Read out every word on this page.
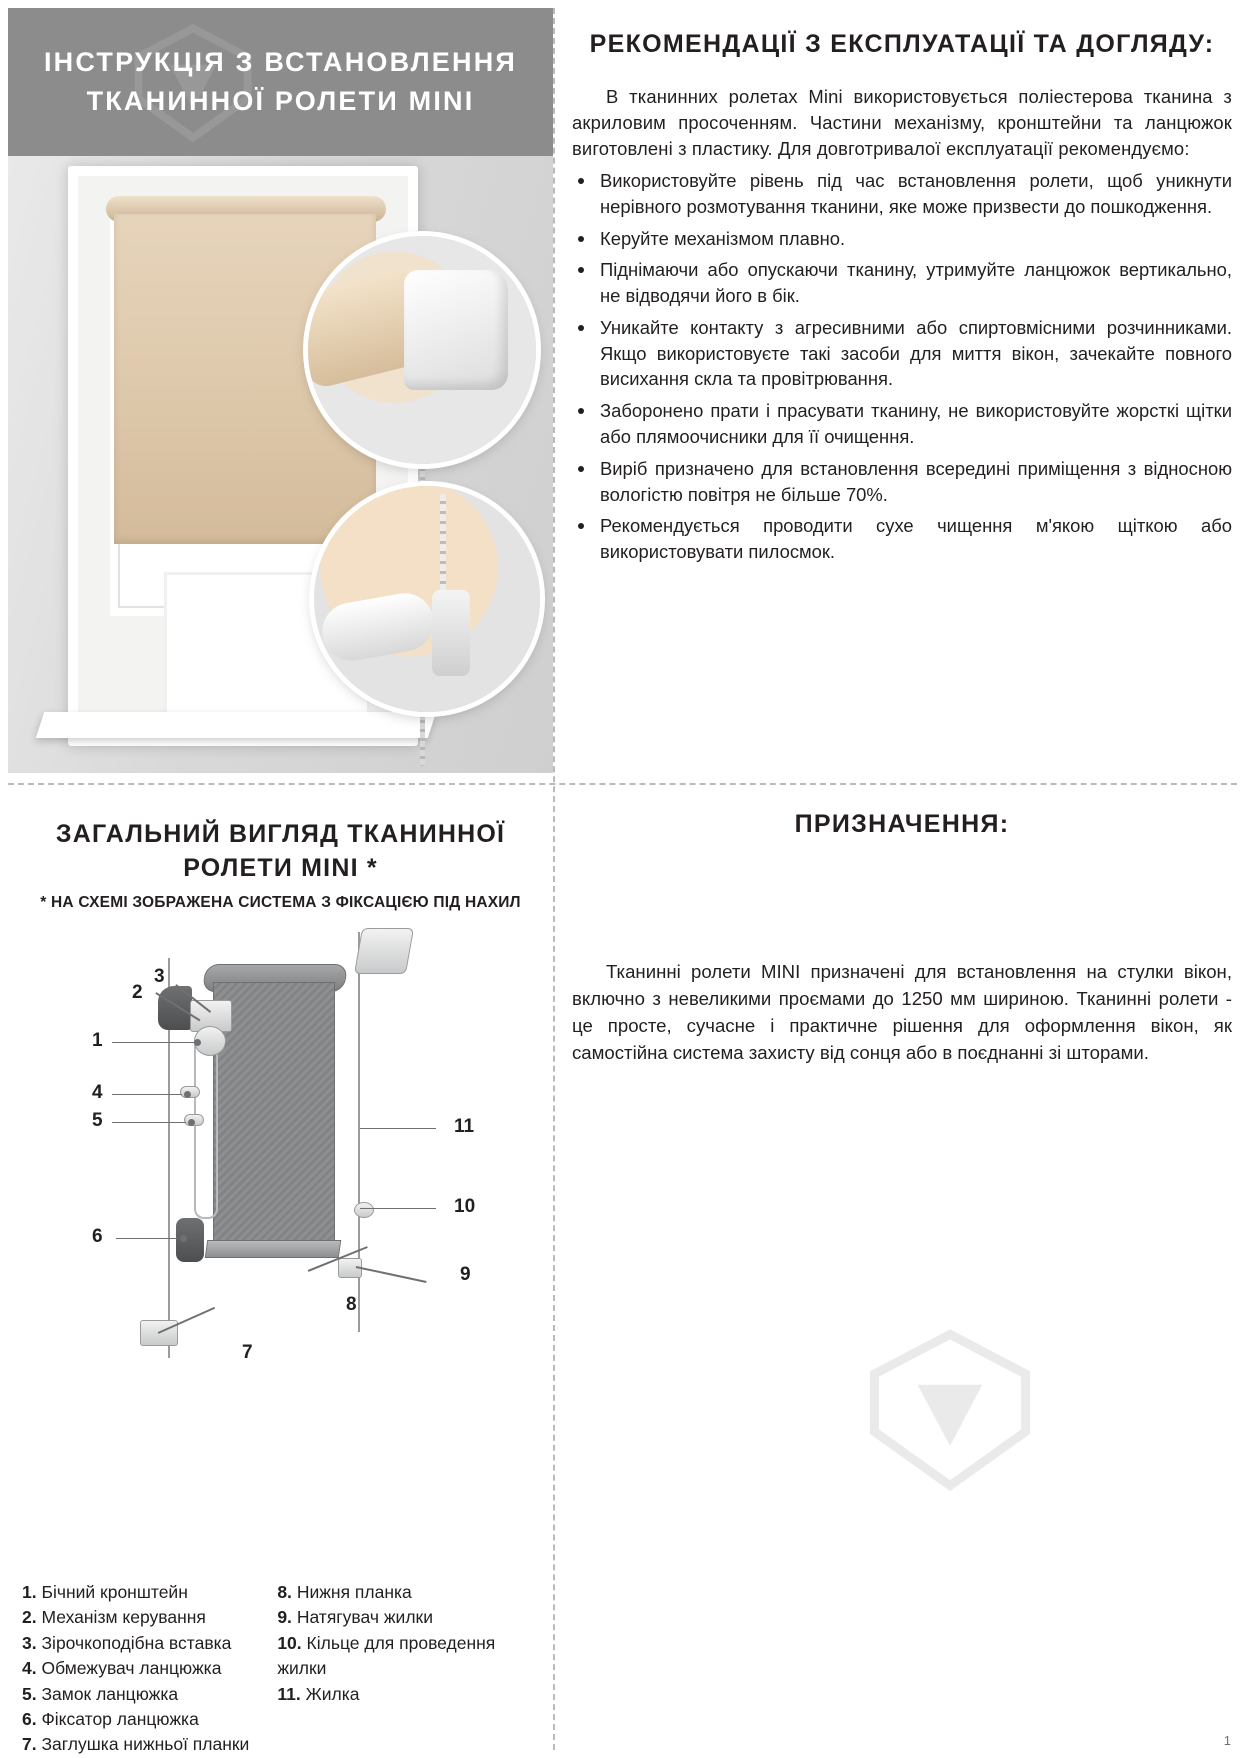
ІНСТРУКЦІЯ З ВСТАНОВЛЕННЯ ТКАНИННОЇ РОЛЕТИ MINI
РЕКОМЕНДАЦІЇ З ЕКСПЛУАТАЦІЇ ТА ДОГЛЯДУ:

В тканинних ролетах Mini використовується поліестерова тканина з акриловим просоченням. Частини механізму, кронштейни та ланцюжок виготовлені з пластику. Для довготривалої експлуатації рекомендуємо:

Використовуйте рівень під час встановлення ролети, щоб уникнути нерівного розмотування тканини, яке може призвести до пошкодження.
Керуйте механізмом плавно.
Піднімаючи або опускаючи тканину, утримуйте ланцюжок вертикально, не відводячи його в бік.
Уникайте контакту з агресивними або спиртовмісними розчинниками. Якщо використовуєте такі засоби для миття вікон, зачекайте повного висихання скла та провітрювання.
Заборонено прати і прасувати тканину, не використовуйте жорсткі щітки або плямоочисники для її очищення.
Виріб призначено для встановлення всередині приміщення з відносною вологістю повітря не більше 70%.
Рекомендується проводити сухе чищення м'якою щіткою або використовувати пилосмок.
ЗАГАЛЬНИЙ ВИГЛЯД ТКАНИННОЇ РОЛЕТИ MINI *
* НА СХЕМІ ЗОБРАЖЕНА СИСТЕМА З ФІКСАЦІЄЮ ПІД НАХИЛ
1
2
3
4
5
6
7
8
9
10
11
1. Бічний кронштейн
2. Механізм керування
3. Зірочкоподібна вставка
4. Обмежувач ланцюжка
5. Замок ланцюжка
6. Фіксатор ланцюжка
7. Заглушка нижньої планки
8. Нижня планка
9. Натягувач жилки
10. Кільце для проведення жилки
11. Жилка
ПРИЗНАЧЕННЯ:

Тканинні ролети MINI призначені для встановлення на стулки вікон, включно з невеликими проємами до 1250 мм шириною. Тканинні ролети - це просте, сучасне і практичне рішення для оформлення вікон, як самостійна система захисту від сонця або в поєднанні зі шторами.

1
